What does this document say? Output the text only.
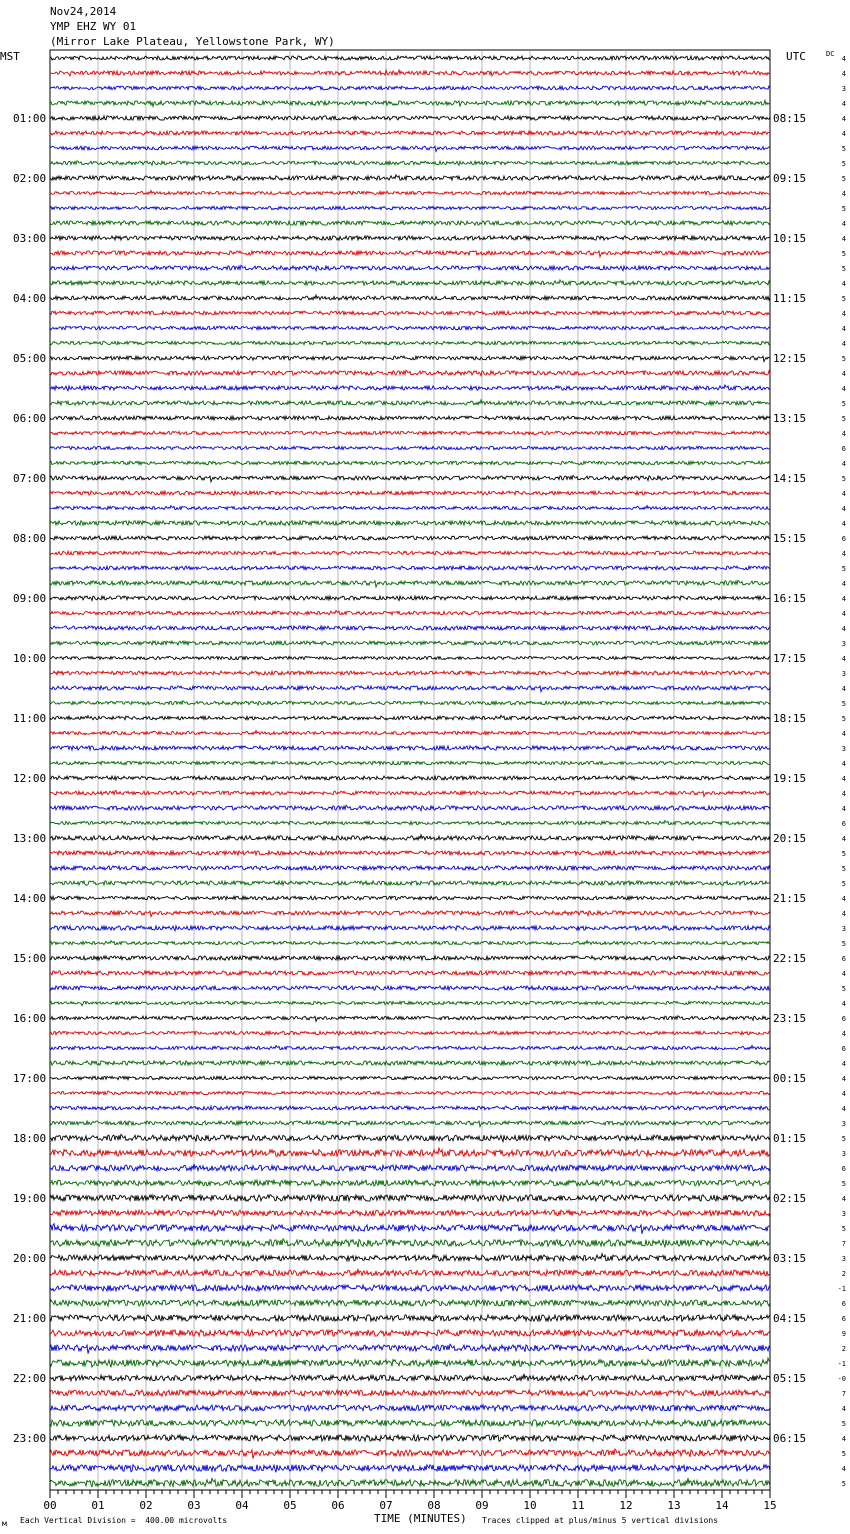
Nov24,2014
YMP EHZ WY 01
(Mirror Lake Plateau, Yellowstone Park, WY)
MST	UTC	DC
00	01	02	03	04	05	06	07	08	09	10	11	12	13	14	15
01:00	08:15
02:00	09:15
03:00	10:15
04:00	11:15
05:00	12:15
06:00	13:15
07:00	14:15
08:00	15:15
09:00	16:15
10:00	17:15
11:00	18:15
12:00	19:15
13:00	20:15
14:00	21:15
15:00	22:15
16:00	23:15
17:00	00:15
18:00	01:15
19:00	02:15
20:00	03:15
21:00	04:15
22:00	05:15
23:00	06:15
4
4
3
4
4
4
5
5
5
4
5
4
4
5
5
4
5
4
4
4
5
4
4
5
5
4
6
4
5
4
4
4
6
4
5
4
4
4
4
3
4
3
4
5
5
4
3
4
4
4
4
6
4
5
5
5
4
4
3
5
6
4
5
4
6
4
6
4
4
4
4
3
5
3
6
5
4
3
5
7
3
2
-1
6
6
9
2
-1
-0
7
4
5
4
5
4
5
TIME (MINUTES)
м Each Vertical Division =  400.00 microvolts	Traces clipped at plus/minus 5 vertical divisions
